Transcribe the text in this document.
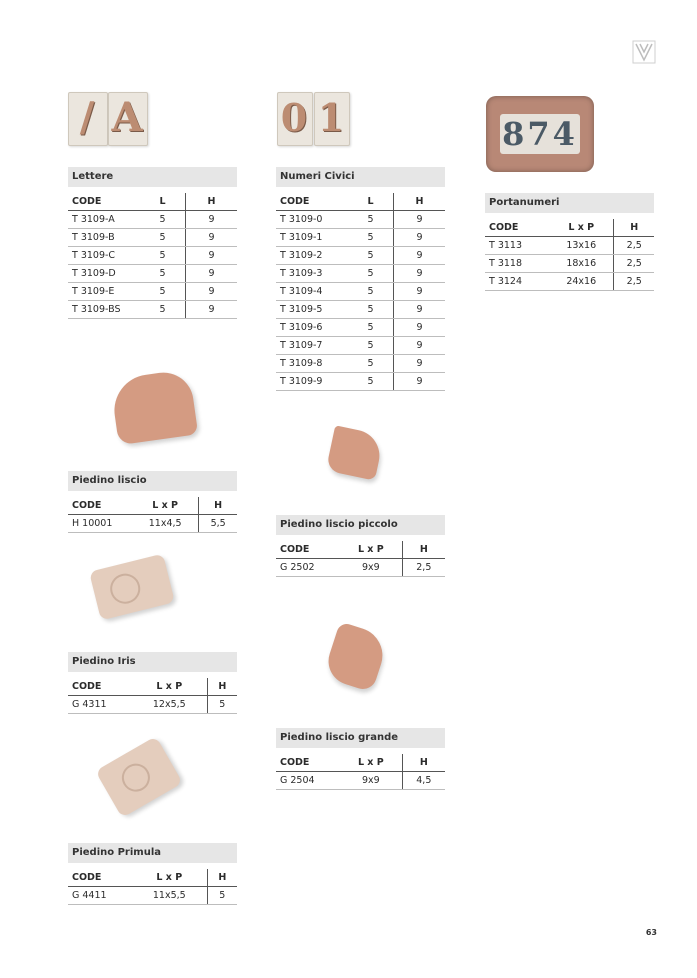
/ A
Lettere
CODE	L	H
T 3109-A	5	9
T 3109-B	5	9
T 3109-C	5	9
T 3109-D	5	9
T 3109-E	5	9
T 3109-BS	5	9
0 1
Numeri Civici
CODE	L	H
T 3109-0	5	9
T 3109-1	5	9
T 3109-2	5	9
T 3109-3	5	9
T 3109-4	5	9
T 3109-5	5	9
T 3109-6	5	9
T 3109-7	5	9
T 3109-8	5	9
T 3109-9	5	9
874
Portanumeri
CODE	L x P	H
T 3113	13x16	2,5
T 3118	18x16	2,5
T 3124	24x16	2,5
Piedino liscio
CODE	L x P	H
H 10001	11x4,5	5,5
Piedino Iris
CODE	L x P	H
G 4311	12x5,5	5
Piedino Primula
CODE	L x P	H
G 4411	11x5,5	5
Piedino liscio piccolo
CODE	L x P	H
G 2502	9x9	2,5
Piedino liscio grande
CODE	L x P	H
G 2504	9x9	4,5
63
